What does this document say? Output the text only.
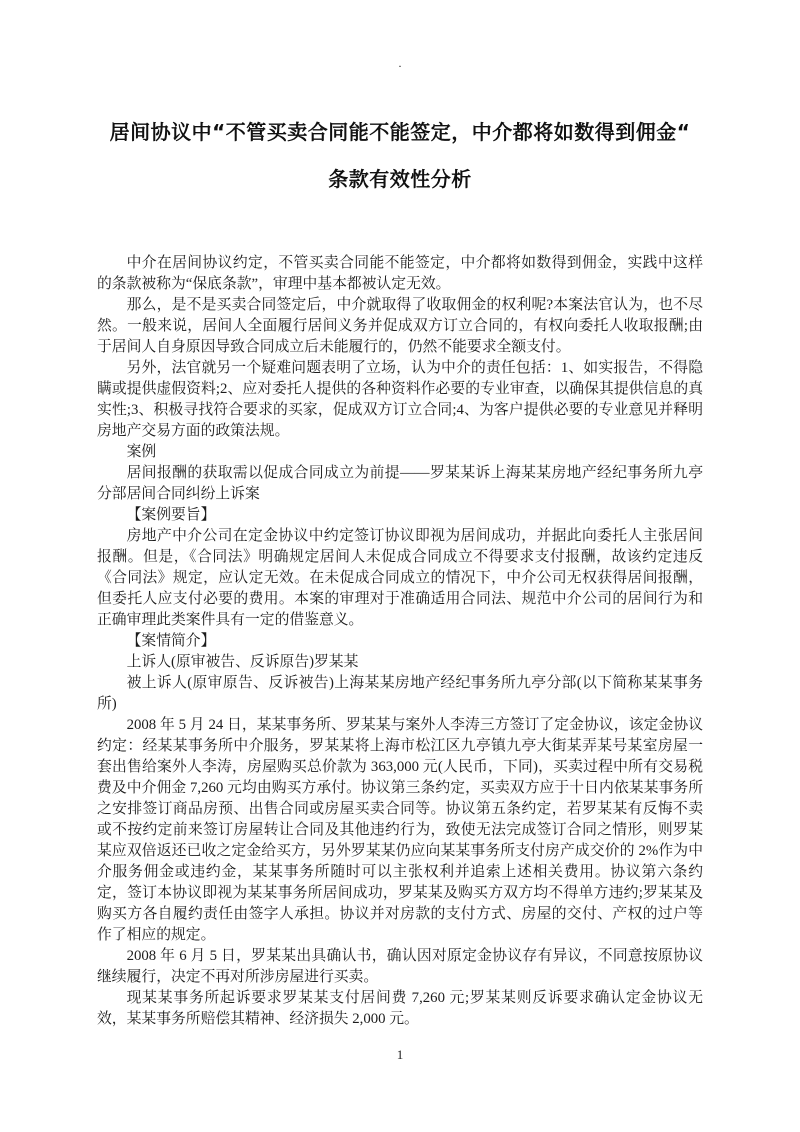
.
居间协议中“不管买卖合同能不能签定，中介都将如数得到佣金“
条款有效性分析

中介在居间协议约定，不管买卖合同能不能签定，中介都将如数得到佣金，实践中这样的条款被称为“保底条款”，审理中基本都被认定无效。

那么，是不是买卖合同签定后，中介就取得了收取佣金的权利呢?本案法官认为，也不尽然。一般来说，居间人全面履行居间义务并促成双方订立合同的，有权向委托人收取报酬;由于居间人自身原因导致合同成立后未能履行的，仍然不能要求全额支付。

另外，法官就另一个疑难问题表明了立场，认为中介的责任包括：1、如实报告，不得隐瞒或提供虚假资料;2、应对委托人提供的各种资料作必要的专业审查，以确保其提供信息的真实性;3、积极寻找符合要求的买家，促成双方订立合同;4、为客户提供必要的专业意见并释明房地产交易方面的政策法规。

案例

居间报酬的获取需以促成合同成立为前提——罗某某诉上海某某房地产经纪事务所九亭分部居间合同纠纷上诉案

【案例要旨】

房地产中介公司在定金协议中约定签订协议即视为居间成功，并据此向委托人主张居间报酬。但是，《合同法》明确规定居间人未促成合同成立不得要求支付报酬，故该约定违反《合同法》规定，应认定无效。在未促成合同成立的情况下，中介公司无权获得居间报酬，但委托人应支付必要的费用。本案的审理对于准确适用合同法、规范中介公司的居间行为和正确审理此类案件具有一定的借鉴意义。

【案情简介】

上诉人(原审被告、反诉原告)罗某某

被上诉人(原审原告、反诉被告)上海某某房地产经纪事务所九亭分部(以下简称某某事务所)

2008 年 5 月 24 日，某某事务所、罗某某与案外人李涛三方签订了定金协议，该定金协议约定：经某某事务所中介服务，罗某某将上海市松江区九亭镇九亭大街某弄某号某室房屋一套出售给案外人李涛，房屋购买总价款为 363,000 元(人民币，下同)，买卖过程中所有交易税费及中介佣金 7,260 元均由购买方承付。协议第三条约定，买卖双方应于十日内依某某事务所之安排签订商品房预、出售合同或房屋买卖合同等。协议第五条约定，若罗某某有反悔不卖或不按约定前来签订房屋转让合同及其他违约行为，致使无法完成签订合同之情形，则罗某某应双倍返还已收之定金给买方，另外罗某某仍应向某某事务所支付房产成交价的 2%作为中介服务佣金或违约金，某某事务所随时可以主张权利并追索上述相关费用。协议第六条约定，签订本协议即视为某某事务所居间成功，罗某某及购买方双方均不得单方违约;罗某某及购买方各自履约责任由签字人承担。协议并对房款的支付方式、房屋的交付、产权的过户等作了相应的规定。

2008 年 6 月 5 日，罗某某出具确认书，确认因对原定金协议存有异议，不同意按原协议继续履行，决定不再对所涉房屋进行买卖。

现某某事务所起诉要求罗某某支付居间费 7,260 元;罗某某则反诉要求确认定金协议无效，某某事务所赔偿其精神、经济损失 2,000 元。

1
